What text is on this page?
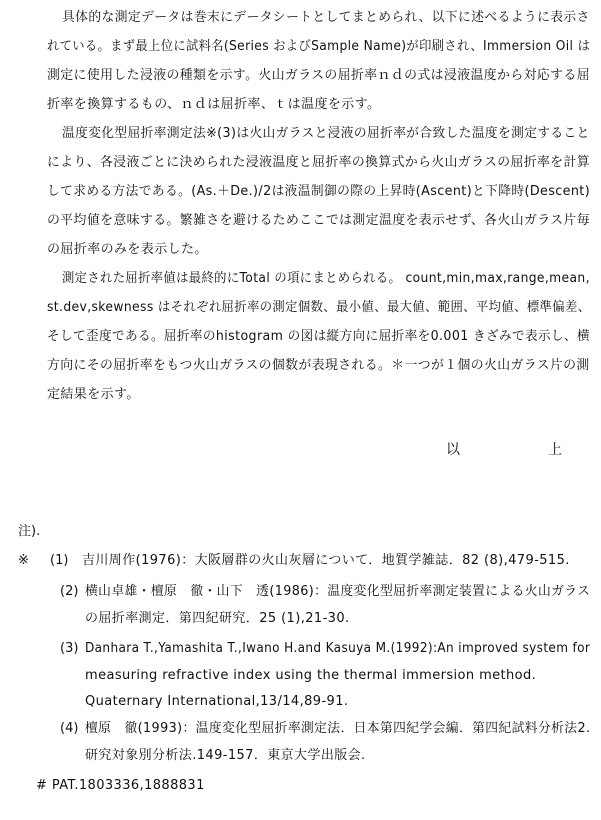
具体的な測定データは巻末にデータシートとしてまとめられ、以下に述べるように表示さ
れている。まず最上位に試料名(Series およびSample Name)が印刷され、Immersion Oil は
測定に使用した浸液の種類を示す。火山ガラスの屈折率ｎｄの式は浸液温度から対応する屈
折率を換算するもの、ｎｄは屈折率、ｔは温度を示す。
温度変化型屈折率測定法※(3)は火山ガラスと浸液の屈折率が合致した温度を測定すること
により、各浸液ごとに決められた浸液温度と屈折率の換算式から火山ガラスの屈折率を計算
して求める方法である。(As.＋De.)/2は液温制御の際の上昇時(Ascent)と下降時(Descent)
の平均値を意味する。繁雑さを避けるためここでは測定温度を表示せず、各火山ガラス片毎
の屈折率のみを表示した。
測定された屈折率値は最終的にTotal の項にまとめられる。 count,min,max,range,mean,
st.dev,skewness はそれぞれ屈折率の測定個数、最小値、最大値、範囲、平均値、標準偏差、
そして歪度である。屈折率のhistogram の図は縦方向に屈折率を0.001 きざみで表示し、横
方向にその屈折率をもつ火山ガラスの個数が表現される。＊一つが１個の火山ガラス片の測
定結果を示す。
以	上
注).
※ (1) 吉川周作(1976)：大阪層群の火山灰層について．地質学雑誌．82 (8),479-515.
(2) 横山卓雄・檀原　徹・山下　透(1986)：温度変化型屈折率測定装置による火山ガラス
の屈折率測定．第四紀研究．25 (1),21-30.
(3) Danhara T.,Yamashita T.,Iwano H.and Kasuya M.(1992):An improved system for
measuring refractive index using the thermal immersion method.
Quaternary International,13/14,89-91.
(4) 檀原　徹(1993)：温度変化型屈折率測定法．日本第四紀学会編．第四紀試料分析法2.
研究対象別分析法.149-157．東京大学出版会.
# PAT.1803336,1888831
